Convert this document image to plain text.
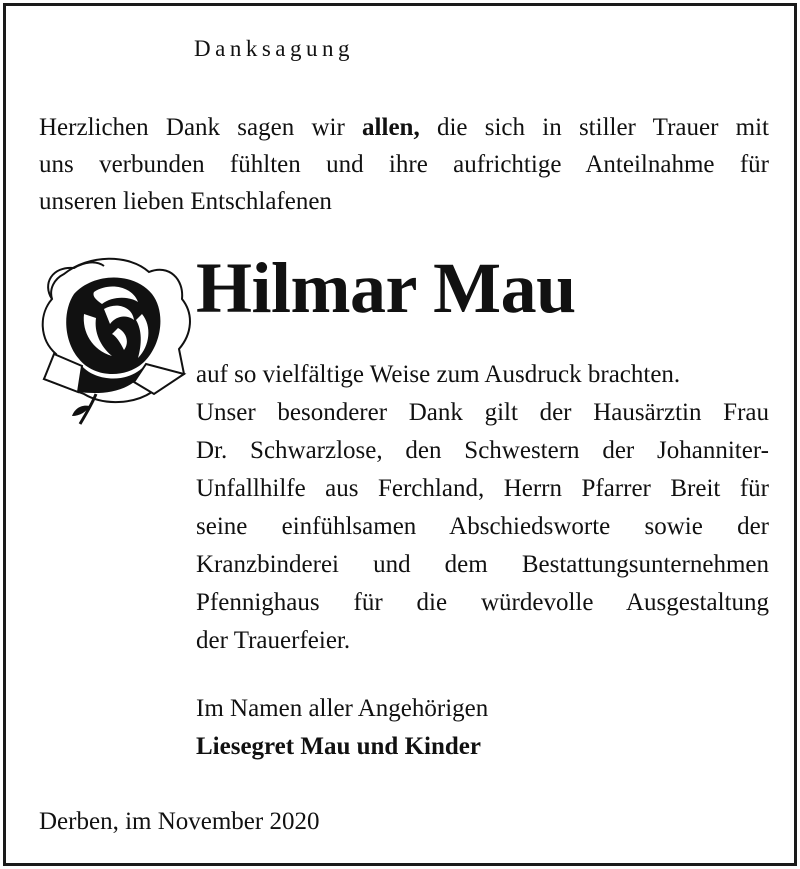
Danksagung
Herzlichen Dank sagen wir allen, die sich in stiller Trauer mit
uns verbunden fühlten und ihre aufrichtige Anteilnahme für
unseren lieben Entschlafenen
Hilmar Mau
auf so vielfältige Weise zum Ausdruck brachten.
Unser besonderer Dank gilt der Hausärztin Frau
Dr. Schwarzlose, den Schwestern der Johanniter-
Unfallhilfe aus Ferchland, Herrn Pfarrer Breit für
seine einfühlsamen Abschiedsworte sowie der
Kranzbinderei und dem Bestattungsunternehmen
Pfennighaus für die würdevolle Ausgestaltung
der Trauerfeier.
Im Namen aller Angehörigen
Liesegret Mau und Kinder
Derben, im November 2020
